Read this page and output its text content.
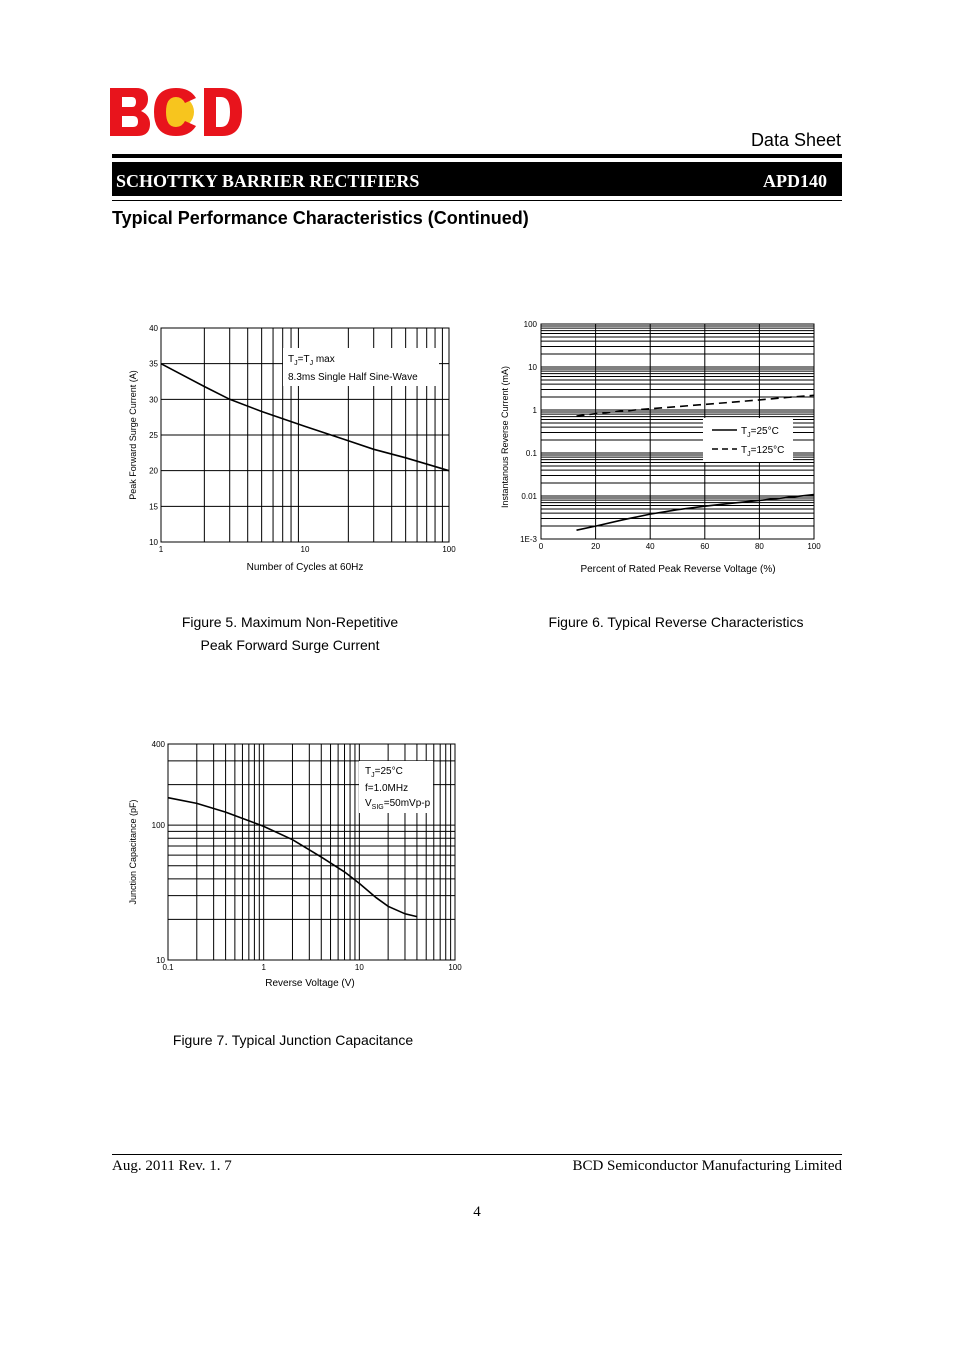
Data Sheet
SCHOTTKY BARRIER RECTIFIERS	APD140
Typical Performance Characteristics (Continued)
10
15
20
25
30
35
40
1	10	100
$T_J=T_J$ max
8.3ms Single Half Sine-Wave
Number of Cycles at 60Hz
Peak Forward Surge Current (A)
Figure 5. Maximum Non-Repetitive
Peak Forward Surge Current
1E-3
0.01
0.1
1
10
100
0	20	40	60	80	100
$T_J=25^\circ C$
$T_J=125^\circ C$
Percent of Rated Peak Reverse Voltage (%)
Instantanous Reverse Current (mA)
Figure 6. Typical Reverse Characteristics
10
100
400
0.1	1	10	100
$T_J=25^\circ C$
f=1.0MHz
$V_{SIG}=50mVp-p$
Reverse Voltage (V)
Junction Capacitance (pF)
Figure 7. Typical Junction Capacitance
Aug. 2011 Rev. 1. 7	BCD Semiconductor Manufacturing Limited
4
